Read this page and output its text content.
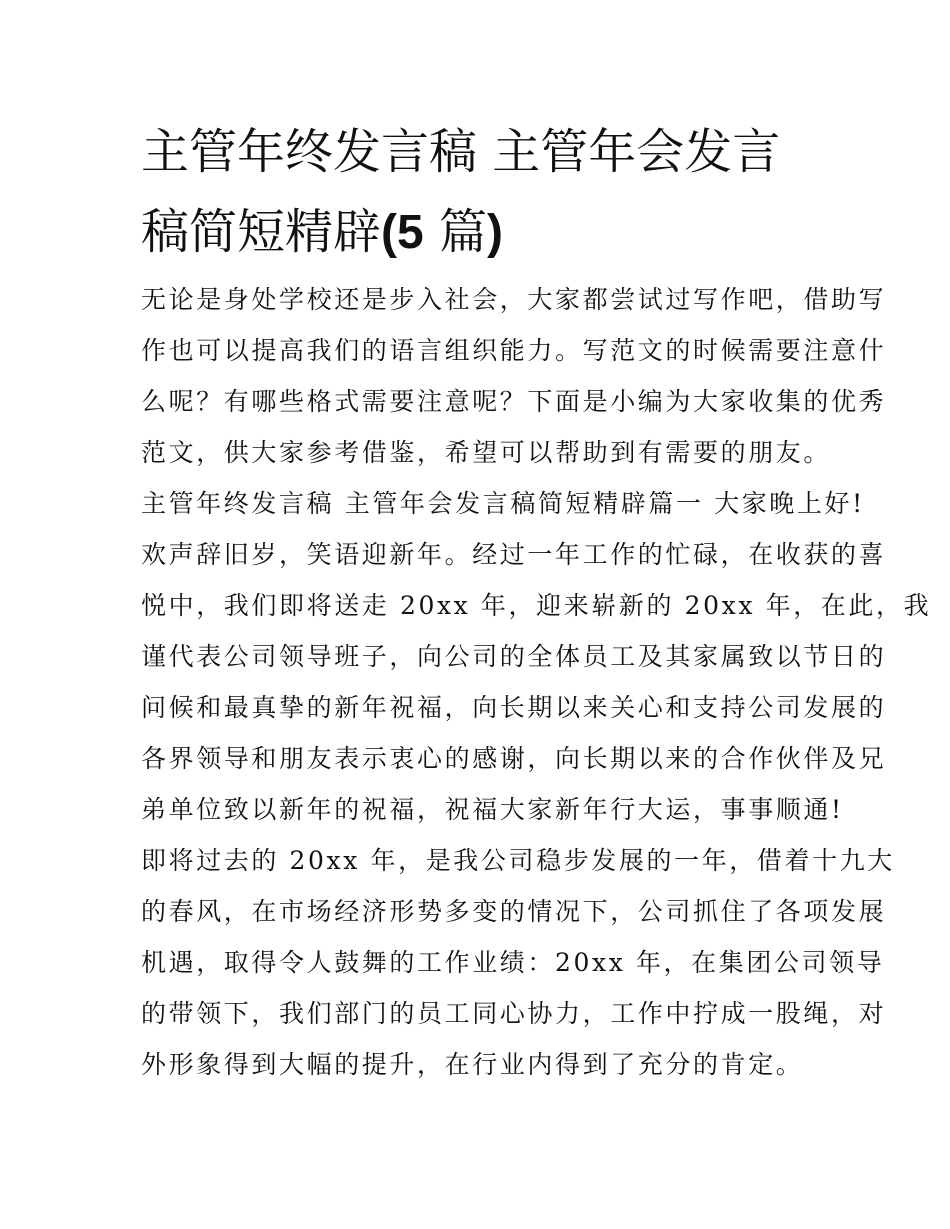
主管年终发言稿 主管年会发言
稿简短精辟(5 篇)
无论是身处学校还是步入社会，大家都尝试过写作吧，借助写
作也可以提高我们的语言组织能力。写范文的时候需要注意什
么呢？有哪些格式需要注意呢？下面是小编为大家收集的优秀
范文，供大家参考借鉴，希望可以帮助到有需要的朋友。
主管年终发言稿 主管年会发言稿简短精辟篇一 大家晚上好!
欢声辞旧岁，笑语迎新年。经过一年工作的忙碌，在收获的喜
悦中，我们即将送走 20xx 年，迎来崭新的 20xx 年，在此，我
谨代表公司领导班子，向公司的全体员工及其家属致以节日的
问候和最真挚的新年祝福，向长期以来关心和支持公司发展的
各界领导和朋友表示衷心的感谢，向长期以来的合作伙伴及兄
弟单位致以新年的祝福，祝福大家新年行大运，事事顺通!
即将过去的 20xx 年，是我公司稳步发展的一年，借着十九大
的春风，在市场经济形势多变的情况下，公司抓住了各项发展
机遇，取得令人鼓舞的工作业绩：20xx 年，在集团公司领导
的带领下，我们部门的员工同心协力，工作中拧成一股绳，对
外形象得到大幅的提升，在行业内得到了充分的肯定。
